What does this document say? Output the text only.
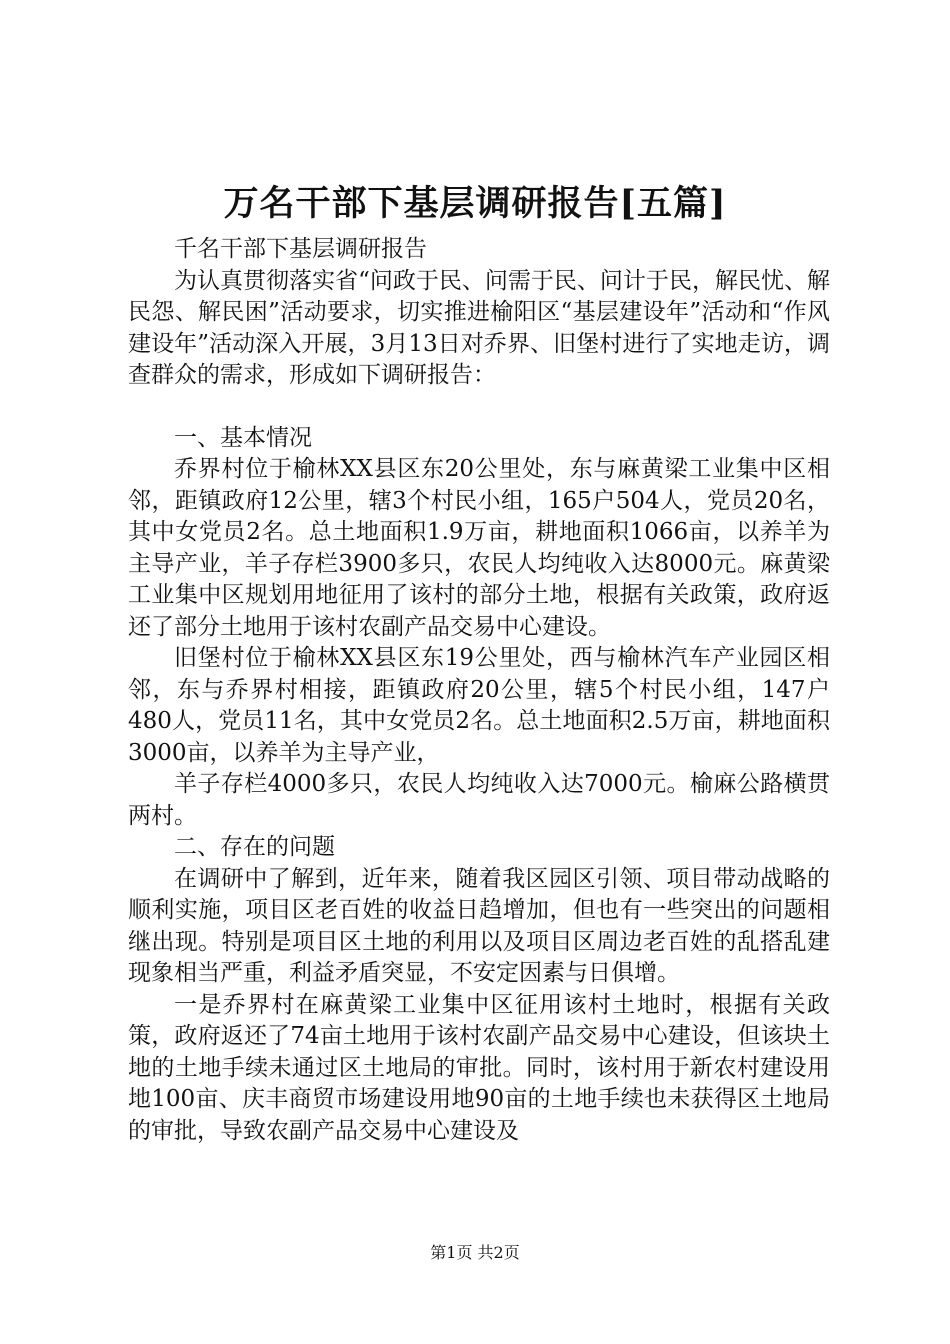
万名干部下基层调研报告[五篇]

千名干部下基层调研报告

为认真贯彻落实省“问政于民、问需于民、问计于民，解民忧、解民怨、解民困”活动要求，切实推进榆阳区“基层建设年”活动和“作风建设年”活动深入开展，3月13日对乔界、旧堡村进行了实地走访，调查群众的需求，形成如下调研报告：

一、基本情况

乔界村位于榆林XX县区东20公里处，东与麻黄梁工业集中区相邻，距镇政府12公里，辖3个村民小组，165户504人，党员20名，其中女党员2名。总土地面积1.9万亩，耕地面积1066亩，以养羊为主导产业，羊子存栏3900多只，农民人均纯收入达8000元。麻黄梁工业集中区规划用地征用了该村的部分土地，根据有关政策，政府返还了部分土地用于该村农副产品交易中心建设。

旧堡村位于榆林XX县区东19公里处，西与榆林汽车产业园区相邻，东与乔界村相接，距镇政府20公里，辖5个村民小组，147户480人，党员11名，其中女党员2名。总土地面积2.5万亩，耕地面积3000亩，以养羊为主导产业，

羊子存栏4000多只，农民人均纯收入达7000元。榆麻公路横贯两村。

二、存在的问题

在调研中了解到，近年来，随着我区园区引领、项目带动战略的顺利实施，项目区老百姓的收益日趋增加，但也有一些突出的问题相继出现。特别是项目区土地的利用以及项目区周边老百姓的乱搭乱建现象相当严重，利益矛盾突显，不安定因素与日俱增。

一是乔界村在麻黄梁工业集中区征用该村土地时，根据有关政策，政府返还了74亩土地用于该村农副产品交易中心建设，但该块土地的土地手续未通过区土地局的审批。同时，该村用于新农村建设用地100亩、庆丰商贸市场建设用地90亩的土地手续也未获得区土地局的审批，导致农副产品交易中心建设及

第1页 共2页
